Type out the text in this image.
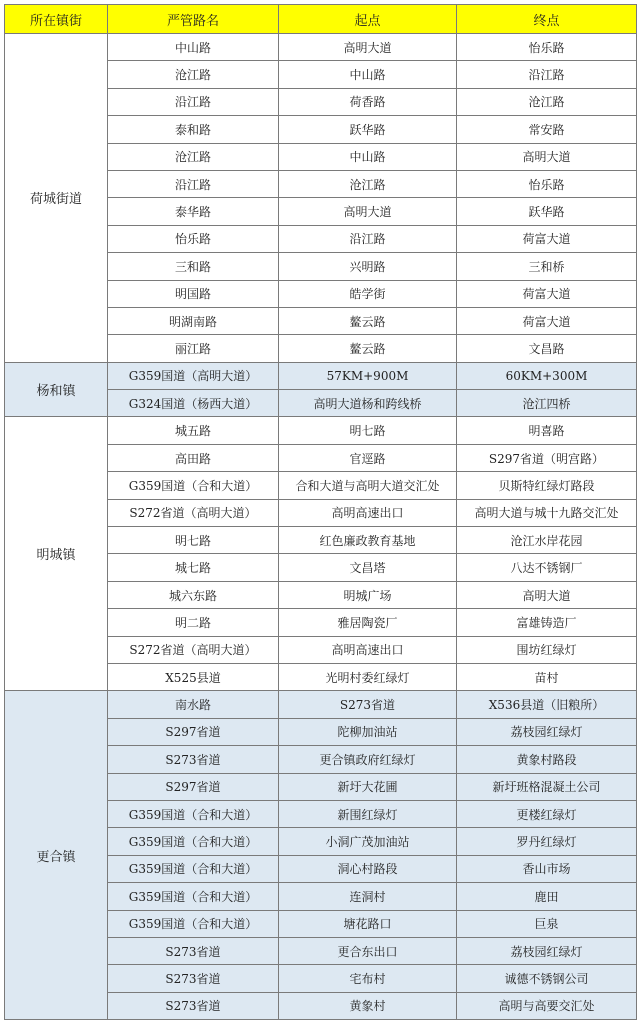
所在镇街	严管路名	起点	终点
荷城街道	中山路	高明大道	怡乐路
	沧江路	中山路	沿江路
	沿江路	荷香路	沧江路
	泰和路	跃华路	常安路
	沧江路	中山路	高明大道
	沿江路	沧江路	怡乐路
	泰华路	高明大道	跃华路
	怡乐路	沿江路	荷富大道
	三和路	兴明路	三和桥
	明国路	皓学街	荷富大道
	明湖南路	鳌云路	荷富大道
	丽江路	鳌云路	文昌路
杨和镇	G359国道（高明大道）	57KM+900M	60KM+300M
	G324国道（杨西大道）	高明大道杨和跨线桥	沧江四桥
明城镇	城五路	明七路	明喜路
	高田路	官逕路	S297省道（明宫路）
	G359国道（合和大道）	合和大道与高明大道交汇处	贝斯特红绿灯路段
	S272省道（高明大道）	高明高速出口	高明大道与城十九路交汇处
	明七路	红色廉政教育基地	沧江水岸花园
	城七路	文昌塔	八达不锈钢厂
	城六东路	明城广场	高明大道
	明二路	雅居陶瓷厂	富雄铸造厂
	S272省道（高明大道）	高明高速出口	围坊红绿灯
	X525县道	光明村委红绿灯	苗村
更合镇	南水路	S273省道	X536县道（旧粮所）
	S297省道	陀柳加油站	荔枝园红绿灯
	S273省道	更合镇政府红绿灯	黄象村路段
	S297省道	新圩大花圃	新圩班格混凝土公司
	G359国道（合和大道）	新围红绿灯	更楼红绿灯
	G359国道（合和大道）	小洞广茂加油站	罗丹红绿灯
	G359国道（合和大道）	洞心村路段	香山市场
	G359国道（合和大道）	连洞村	鹿田
	G359国道（合和大道）	塘花路口	巨泉
	S273省道	更合东出口	荔枝园红绿灯
	S273省道	宅布村	诚德不锈钢公司
	S273省道	黄象村	高明与高要交汇处
